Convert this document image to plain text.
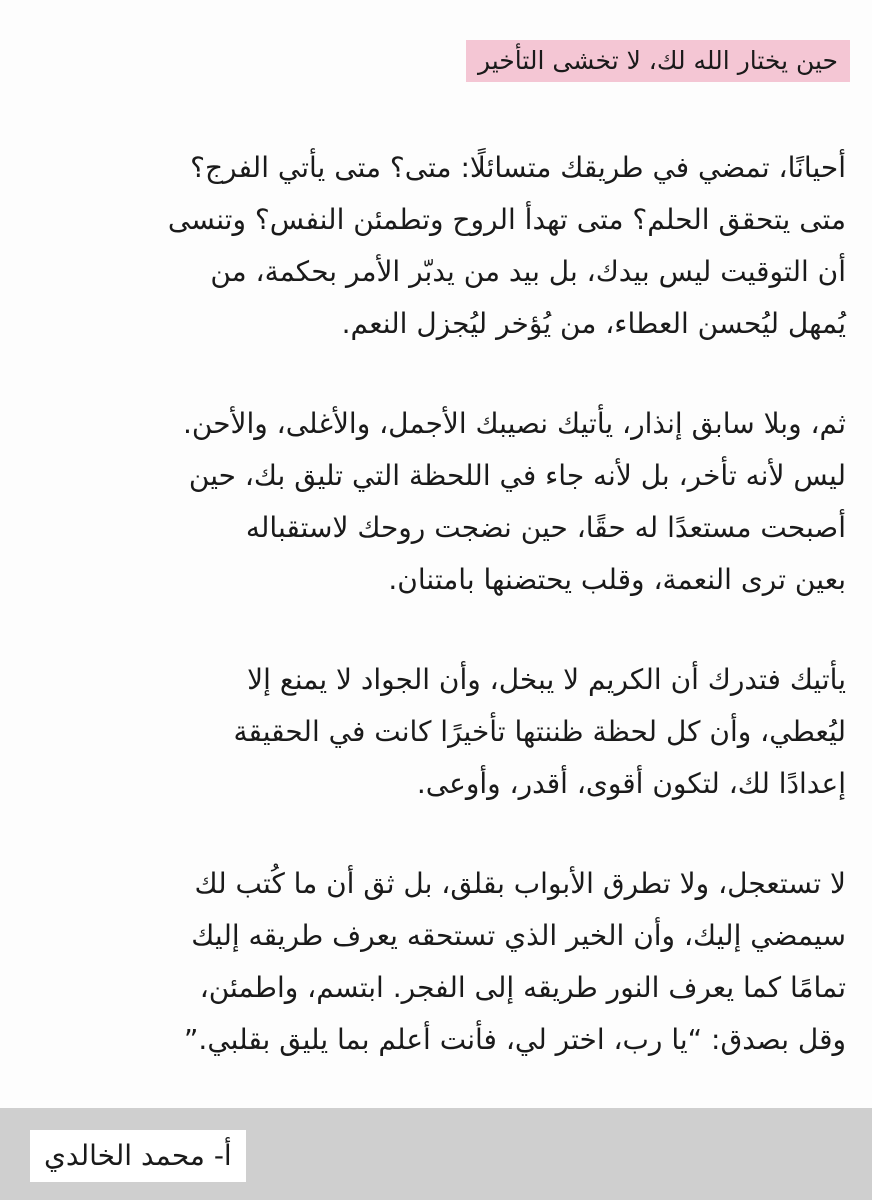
حين يختار الله لك، لا تخشى التأخير
أحيانًا، تمضي في طريقك متسائلًا: متى؟ متى يأتي الفرج؟
متى يتحقق الحلم؟ متى تهدأ الروح وتطمئن النفس؟ وتنسى
أن التوقيت ليس بيدك، بل بيد من يدبّر الأمر بحكمة، من
يُمهل ليُحسن العطاء، من يُؤخر ليُجزل النعم.
ثم، وبلا سابق إنذار، يأتيك نصيبك الأجمل، والأغلى، والأحن.
ليس لأنه تأخر، بل لأنه جاء في اللحظة التي تليق بك، حين
أصبحت مستعدًا له حقًا، حين نضجت روحك لاستقباله
بعين ترى النعمة، وقلب يحتضنها بامتنان.
يأتيك فتدرك أن الكريم لا يبخل، وأن الجواد لا يمنع إلا
ليُعطي، وأن كل لحظة ظننتها تأخيرًا كانت في الحقيقة
إعدادًا لك، لتكون أقوى، أقدر، وأوعى.
لا تستعجل، ولا تطرق الأبواب بقلق، بل ثق أن ما كُتب لك
سيمضي إليك، وأن الخير الذي تستحقه يعرف طريقه إليك
تمامًا كما يعرف النور طريقه إلى الفجر. ابتسم، واطمئن،
وقل بصدق: “يا رب، اختر لي، فأنت أعلم بما يليق بقلبي.”
أ- محمد الخالدي
